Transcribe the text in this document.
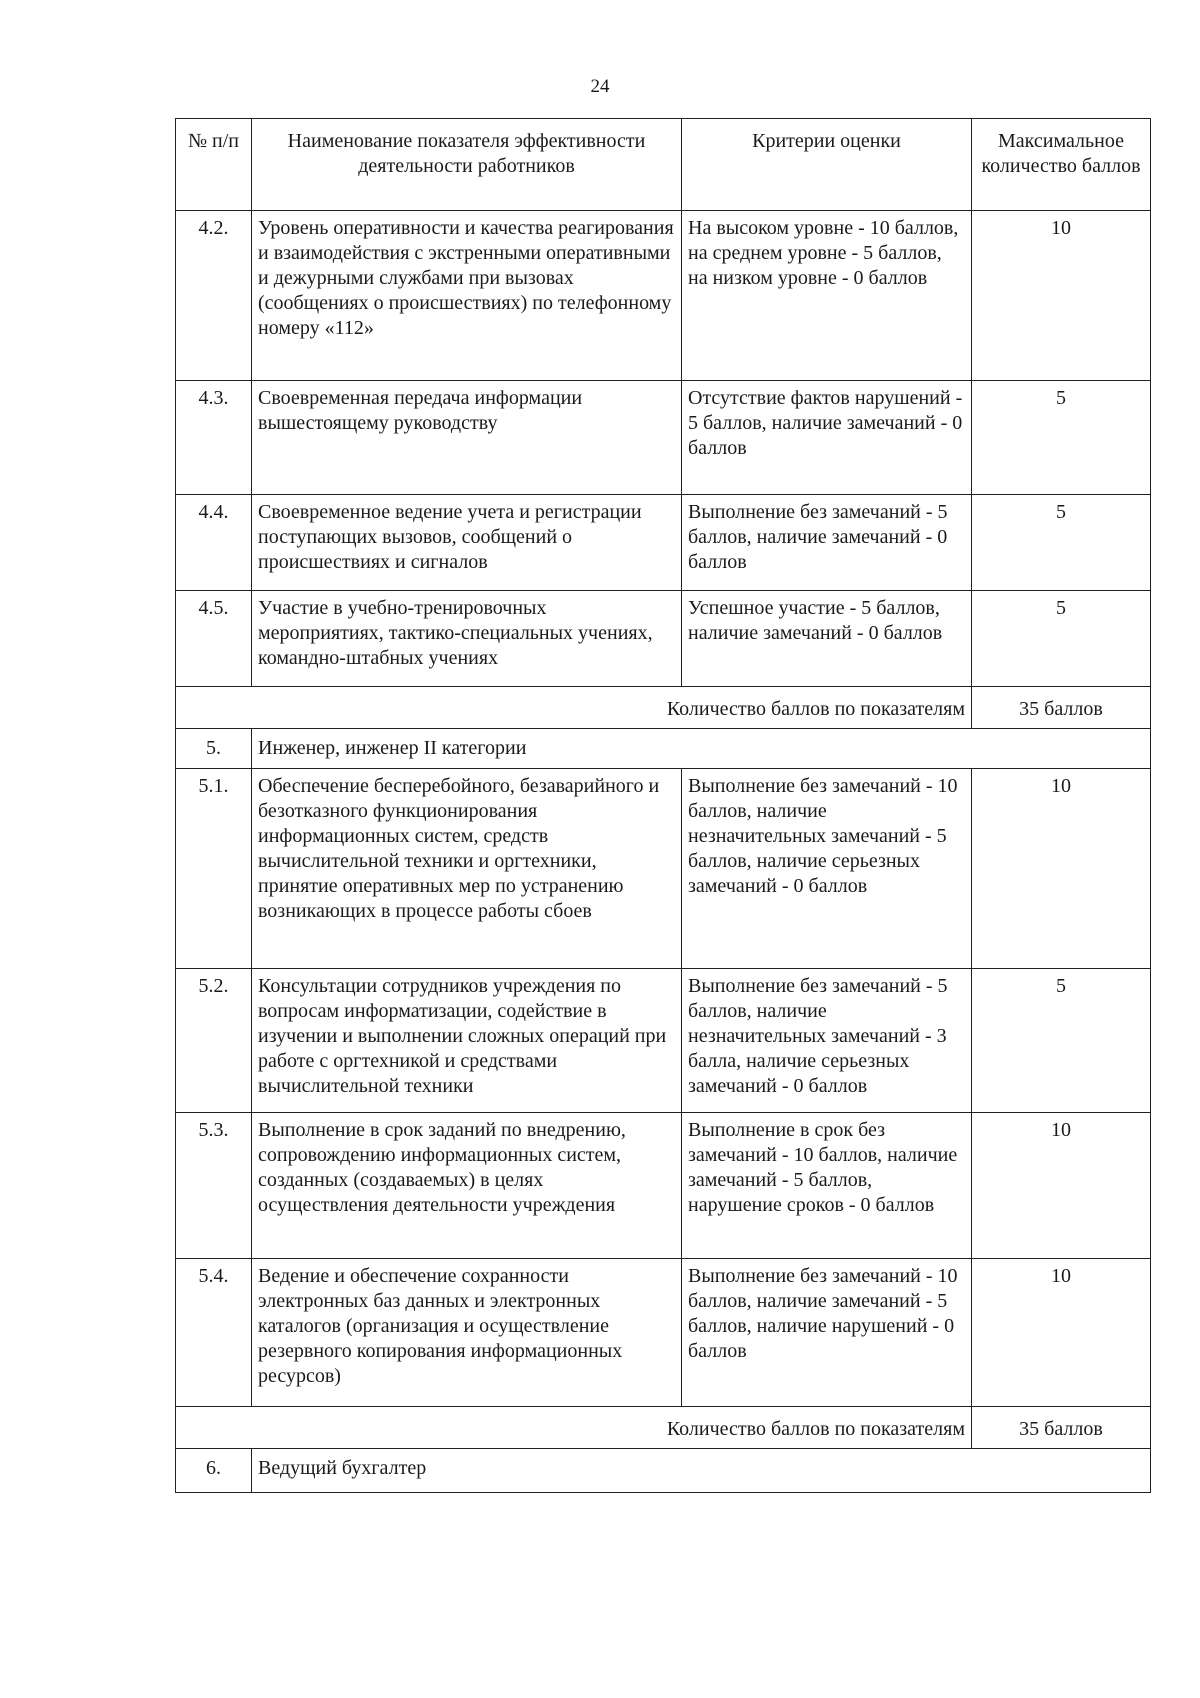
24
№ п/п	Наименование показателя эффективности деятельности работников	Критерии оценки	Максимальное количество баллов
4.2.	Уровень оперативности и качества реагирования и взаимодействия с экстренными оперативными и дежурными службами при вызовах (сообщениях о происшествиях) по телефонному номеру «112»	На высоком уровне - 10 баллов, на среднем уровне - 5 баллов, на низком уровне - 0 баллов	10
4.3.	Своевременная передача информации вышестоящему руководству	Отсутствие фактов нарушений - 5 баллов, наличие замечаний - 0 баллов	5
4.4.	Своевременное ведение учета и регистрации поступающих вызовов, сообщений о происшествиях и сигналов	Выполнение без замечаний - 5 баллов, наличие замечаний - 0 баллов	5
4.5.	Участие в учебно-тренировочных мероприятиях, тактико-специальных учениях, командно-штабных учениях	Успешное участие - 5 баллов, наличие замечаний - 0 баллов	5
Количество баллов по показателям			35 баллов
5.	Инженер, инженер II категории		
5.1.	Обеспечение бесперебойного, безаварийного и безотказного функционирования информационных систем, средств вычислительной техники и оргтехники, принятие оперативных мер по устранению возникающих в процессе работы сбоев	Выполнение без замечаний - 10 баллов, наличие незначительных замечаний - 5 баллов, наличие серьезных замечаний - 0 баллов	10
5.2.	Консультации сотрудников учреждения по вопросам информатизации, содействие в изучении и выполнении сложных операций при работе с оргтехникой и средствами вычислительной техники	Выполнение без замечаний - 5 баллов, наличие незначительных замечаний - 3 балла, наличие серьезных замечаний - 0 баллов	5
5.3.	Выполнение в срок заданий по внедрению, сопровождению информационных систем, созданных (создаваемых) в целях осуществления деятельности учреждения	Выполнение в срок без замечаний - 10 баллов, наличие замечаний - 5 баллов, нарушение сроков - 0 баллов	10
5.4.	Ведение и обеспечение сохранности электронных баз данных и электронных каталогов (организация и осуществление резервного копирования информационных ресурсов)	Выполнение без замечаний - 10 баллов, наличие замечаний - 5 баллов, наличие нарушений - 0 баллов	10
Количество баллов по показателям			35 баллов
6.	Ведущий бухгалтер		
